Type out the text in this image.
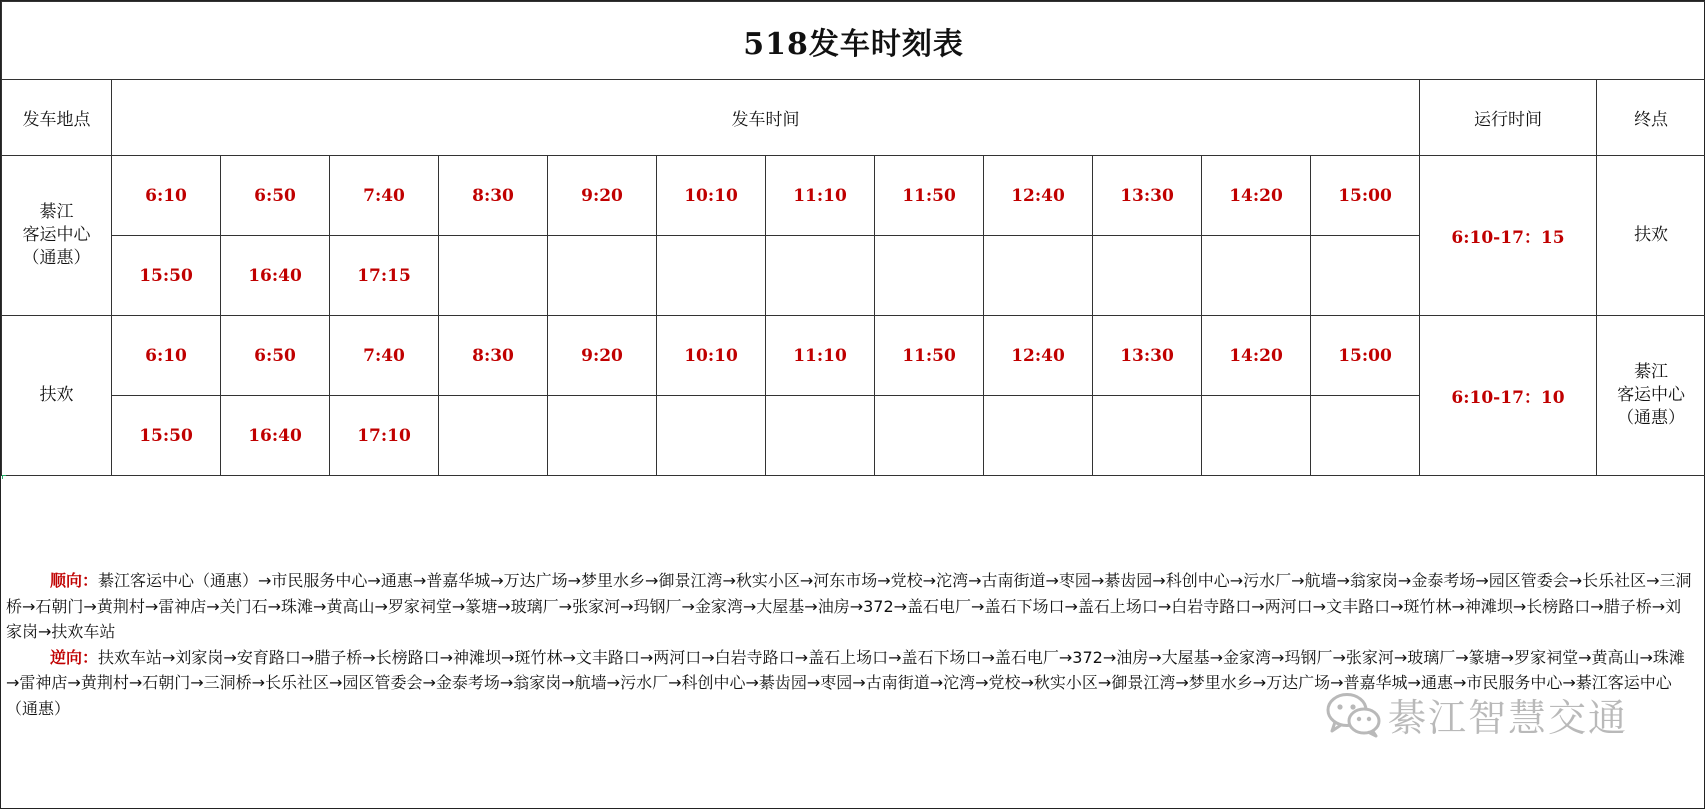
518发车时刻表														
发车地点	发车时间												运行时间	终点

綦江
客运中心
（通惠）	6:10	6:50	7:40	8:30	9:20	10:10	11:10	11:50	12:40	13:30	14:20	15:00	6:10-17：15	扶欢

	15:50	16:40	17:15											

扶欢	6:10	6:50	7:40	8:30	9:20	10:10	11:10	11:50	12:40	13:30	14:20	15:00	6:10-17：10	綦江
客运中心
（通惠）

	15:50	16:40	17:10											

顺向：綦江客运中心（通惠）→市民服务中心→通惠→普嘉华城→万达广场→梦里水乡→御景江湾→秋实小区→河东市场→党校→沱湾→古南街道→枣园→綦齿园→科创中心→污水厂→航墙→翁家岗→金泰考场→园区管委会→长乐社区→三洞桥→石朝门→黄荆村→雷神店→关门石→珠滩→黄高山→罗家祠堂→篆塘→玻璃厂→张家河→玛钢厂→金家湾→大屋基→油房→372→盖石电厂→盖石下场口→盖石上场口→白岩寺路口→两河口→文丰路口→斑竹林→神滩坝→长榜路口→腊子桥→刘家岗→扶欢车站

逆向：扶欢车站→刘家岗→安育路口→腊子桥→长榜路口→神滩坝→斑竹林→文丰路口→两河口→白岩寺路口→盖石上场口→盖石下场口→盖石电厂→372→油房→大屋基→金家湾→玛钢厂→张家河→玻璃厂→篆塘→罗家祠堂→黄高山→珠滩→雷神店→黄荆村→石朝门→三洞桥→长乐社区→园区管委会→金泰考场→翁家岗→航墙→污水厂→科创中心→綦齿园→枣园→古南街道→沱湾→党校→秋实小区→御景江湾→梦里水乡→万达广场→普嘉华城→通惠→市民服务中心→綦江客运中心（通惠）	綦江智慧交通
